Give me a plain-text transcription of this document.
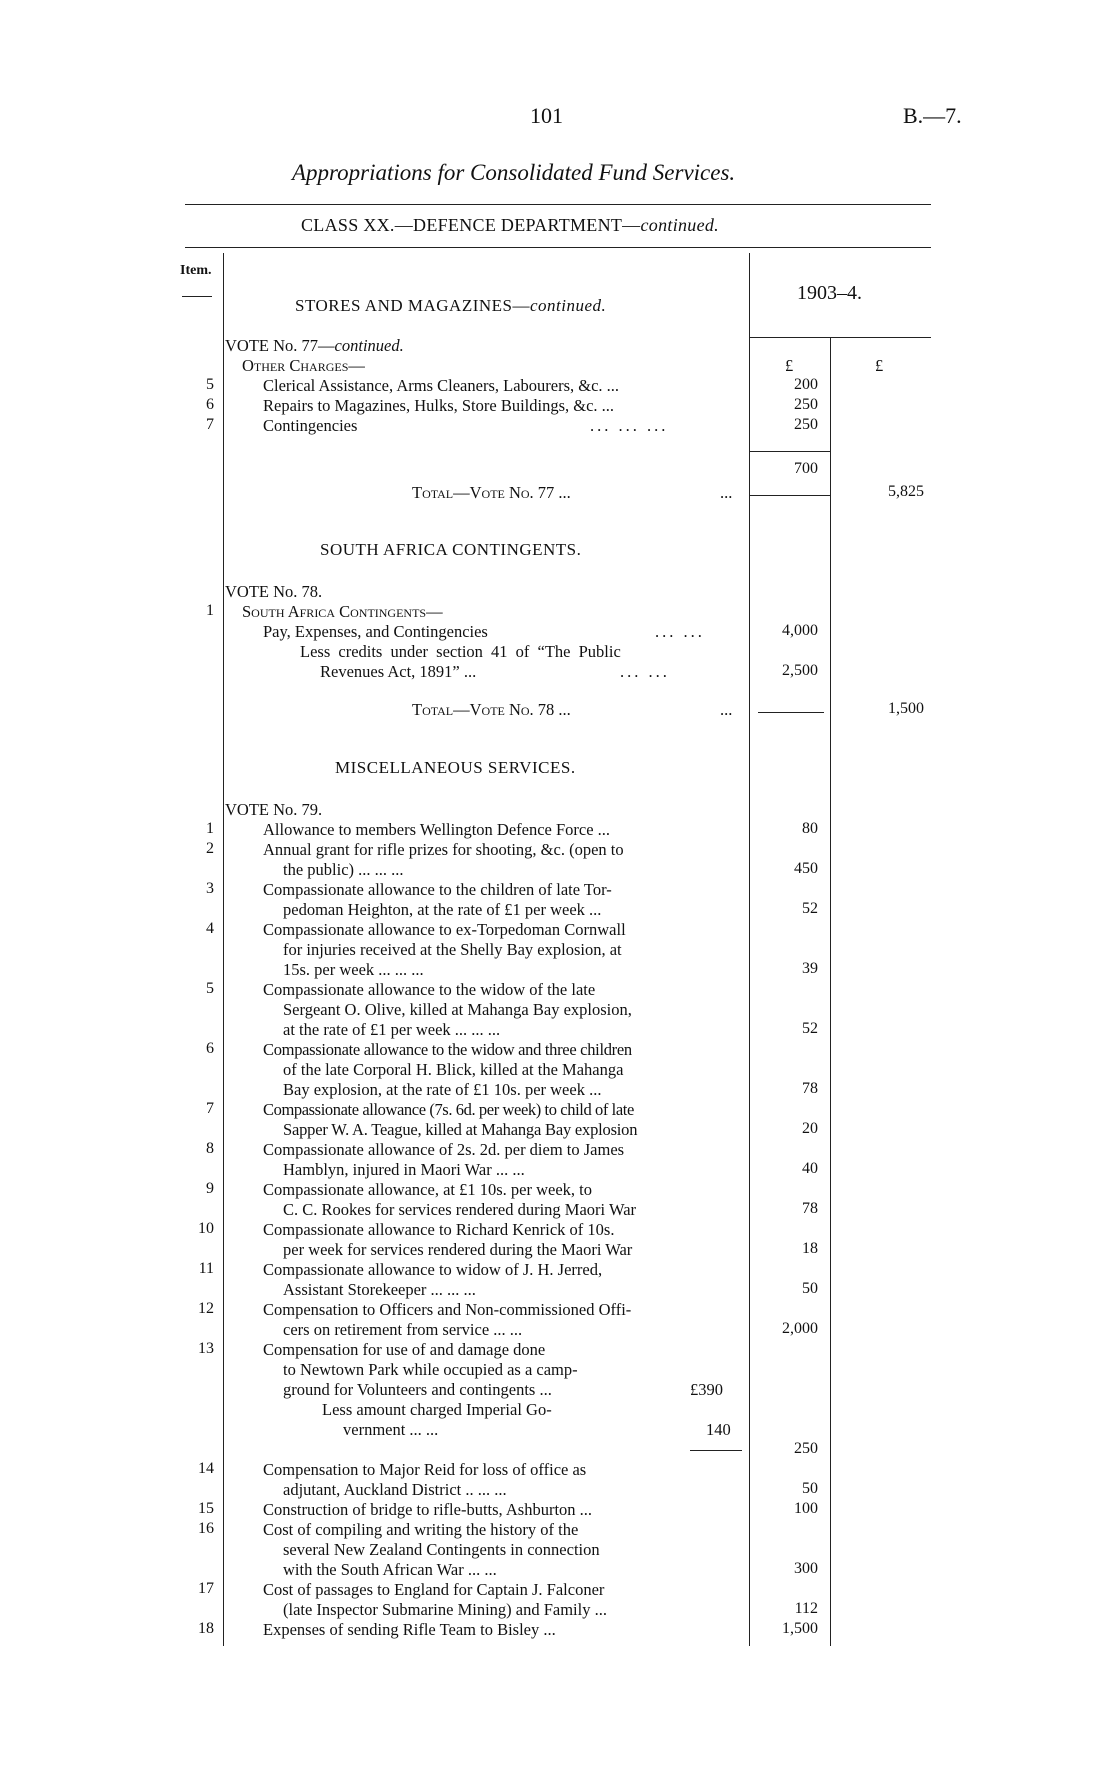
101	B.—7.
Appropriations for Consolidated Fund Services.
CLASS XX.—DEFENCE DEPARTMENT—continued.
Item.
1903–4.
£	£
STORES AND MAGAZINES—continued.
VOTE No. 77—continued.
Other Charges—
5	Clerical Assistance, Arms Cleaners, Labourers, &c. ...	200
6	Repairs to Magazines, Hulks, Store Buildings, &c. ...	250
7	Contingencies	... ... ...	250
700
Total—Vote No. 77 ...	...	5,825
SOUTH AFRICA CONTINGENTS.
VOTE No. 78.
1 South Africa Contingents—
Pay, Expenses, and Contingencies	... ...	4,000
Less credits under section 41 of “The Public
Revenues Act, 1891” ...	... ...	2,500
Total—Vote No. 78 ...	...	1,500
MISCELLANEOUS SERVICES.
VOTE No. 79.
1	Allowance to members Wellington Defence Force ...	80
2	Annual grant for rifle prizes for shooting, &c. (open to
the public) ... ... ...	450
3	Compassionate allowance to the children of late Tor-
pedoman Heighton, at the rate of £1 per week ...	52
4	Compassionate allowance to ex-Torpedoman Cornwall
for injuries received at the Shelly Bay explosion, at
15s. per week ... ... ...	39
5	Compassionate allowance to the widow of the late
Sergeant O. Olive, killed at Mahanga Bay explosion,
at the rate of £1 per week ... ... ...	52
6	Compassionate allowance to the widow and three children
of the late Corporal H. Blick, killed at the Mahanga
Bay explosion, at the rate of £1 10s. per week ...	78
7	Compassionate allowance (7s. 6d. per week) to child of late
Sapper W. A. Teague, killed at Mahanga Bay explosion	20
8	Compassionate allowance of 2s. 2d. per diem to James
Hamblyn, injured in Maori War ... ...	40
9	Compassionate allowance, at £1 10s. per week, to
C. C. Rookes for services rendered during Maori War	78
10	Compassionate allowance to Richard Kenrick of 10s.
per week for services rendered during the Maori War	18
11	Compassionate allowance to widow of J. H. Jerred,
Assistant Storekeeper ... ... ...	50
12	Compensation to Officers and Non-commissioned Offi-
cers on retirement from service ... ...	2,000
13	Compensation for use of and damage done
to Newtown Park while occupied as a camp-
ground for Volunteers and contingents ...	£390
Less amount charged Imperial Go-
vernment ... ...	140
250
14	Compensation to Major Reid for loss of office as
adjutant, Auckland District .. ... ...	50
15	Construction of bridge to rifle-butts, Ashburton ...	100
16	Cost of compiling and writing the history of the
several New Zealand Contingents in connection
with the South African War ... ...	300
17	Cost of passages to England for Captain J. Falconer
(late Inspector Submarine Mining) and Family ...	112
18	Expenses of sending Rifle Team to Bisley ...	1,500
